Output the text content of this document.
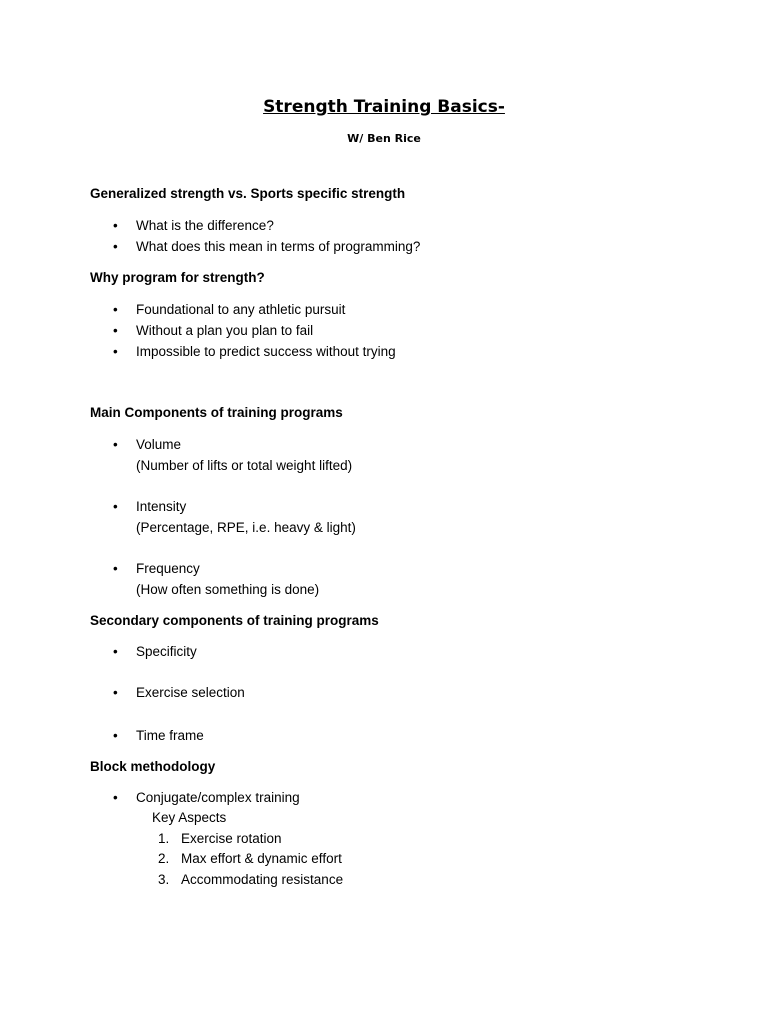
Strength Training Basics-
W/ Ben Rice
Generalized strength vs. Sports specific strength
• What is the difference?
• What does this mean in terms of programming?
Why program for strength?
• Foundational to any athletic pursuit
• Without a plan you plan to fail
• Impossible to predict success without trying
Main Components of training programs
• Volume
(Number of lifts or total weight lifted)
• Intensity
(Percentage, RPE, i.e. heavy & light)
• Frequency
(How often something is done)
Secondary components of training programs
• Specificity
• Exercise selection
• Time frame
Block methodology
• Conjugate/complex training
Key Aspects
1. Exercise rotation
2. Max effort & dynamic effort
3. Accommodating resistance
